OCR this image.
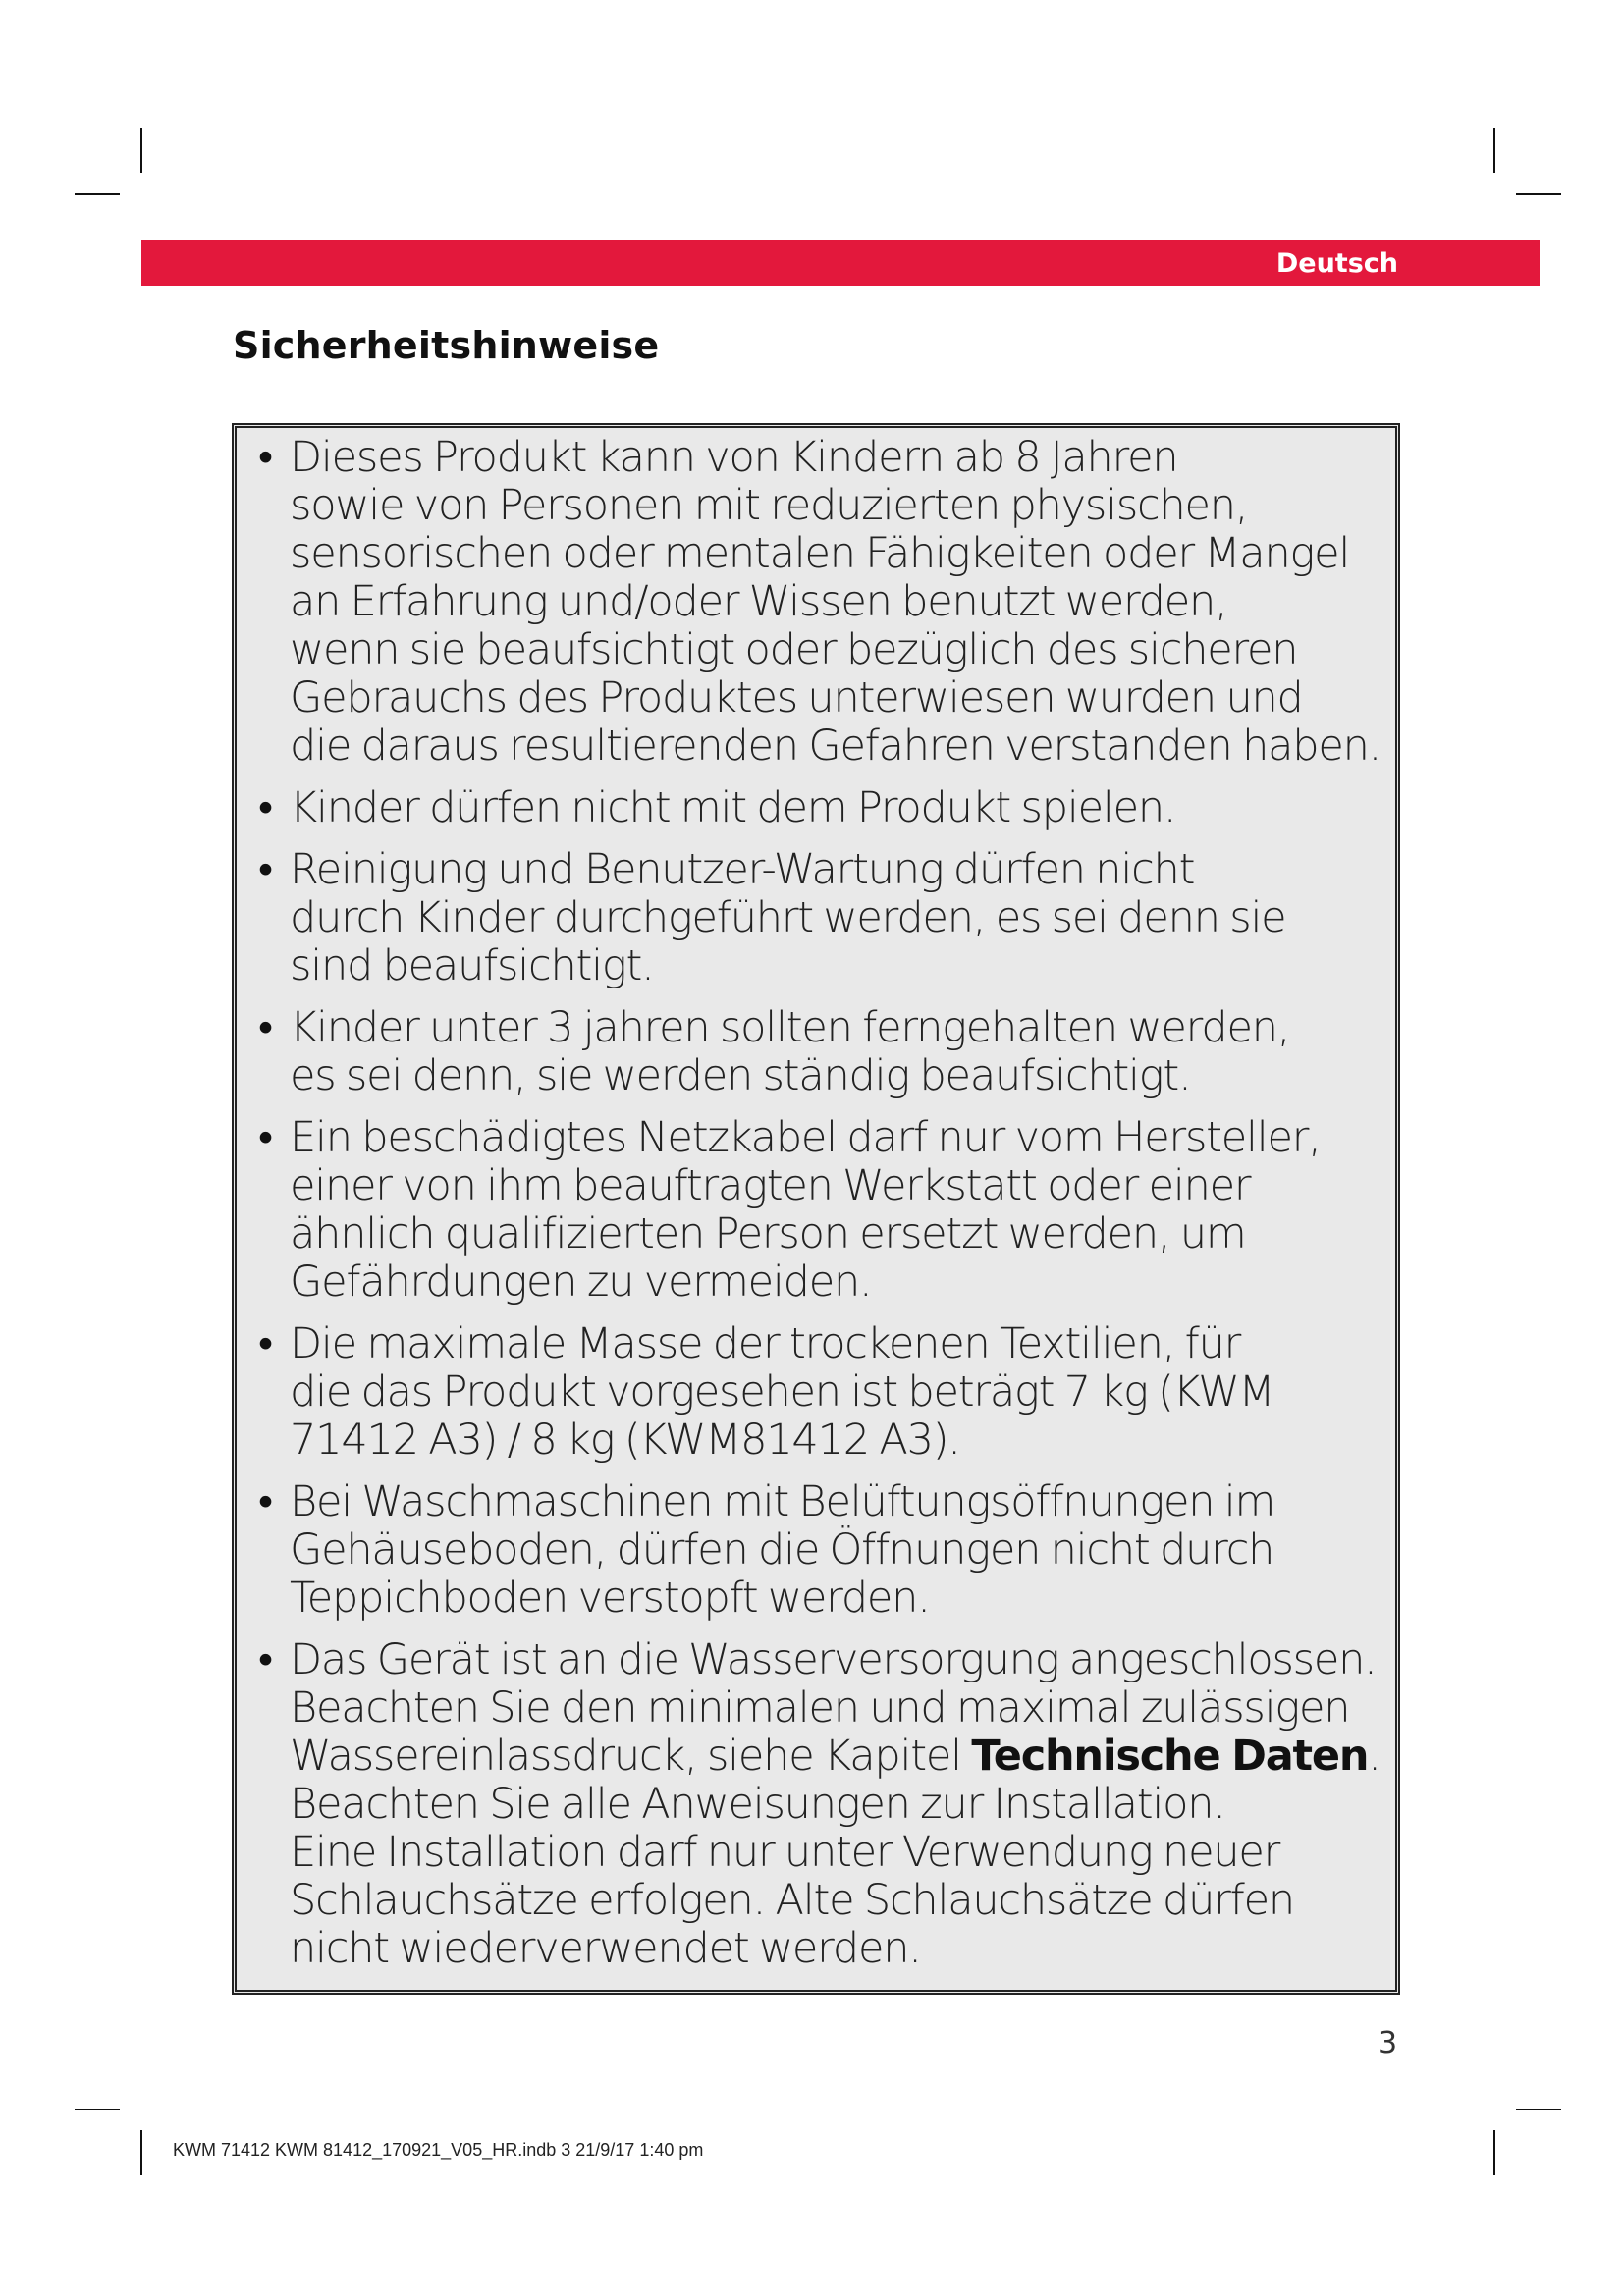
Deutsch
Sicherheitshinweise
• Dieses Produkt kann von Kindern ab 8 Jahren
sowie von Personen mit reduzierten physischen,
sensorischen oder mentalen Fähigkeiten oder Mangel
an Erfahrung und/oder Wissen benutzt werden,
wenn sie beaufsichtigt oder bezüglich des sicheren
Gebrauchs des Produktes unterwiesen wurden und
die daraus resultierenden Gefahren verstanden haben.
• Kinder dürfen nicht mit dem Produkt spielen.
• Reinigung und Benutzer-Wartung dürfen nicht
durch Kinder durchgeführt werden, es sei denn sie
sind beaufsichtigt.
• Kinder unter 3 jahren sollten ferngehalten werden,
es sei denn, sie werden ständig beaufsichtigt.
• Ein beschädigtes Netzkabel darf nur vom Hersteller,
einer von ihm beauftragten Werkstatt oder einer
ähnlich qualifizierten Person ersetzt werden, um
Gefährdungen zu vermeiden.
• Die maximale Masse der trockenen Textilien, für
die das Produkt vorgesehen ist beträgt 7 kg (KWM
71412 A3) / 8 kg (KWM81412 A3).
• Bei Waschmaschinen mit Belüftungsöffnungen im
Gehäuseboden, dürfen die Öffnungen nicht durch
Teppichboden verstopft werden.
• Das Gerät ist an die Wasserversorgung angeschlossen.
Beachten Sie den minimalen und maximal zulässigen
Wassereinlassdruck, siehe Kapitel Technische Daten.
Beachten Sie alle Anweisungen zur Installation.
Eine Installation darf nur unter Verwendung neuer
Schlauchsätze erfolgen. Alte Schlauchsätze dürfen
nicht wiederverwendet werden.
3
KWM 71412 KWM 81412_170921_V05_HR.indb 3 21/9/17 1:40 pm
